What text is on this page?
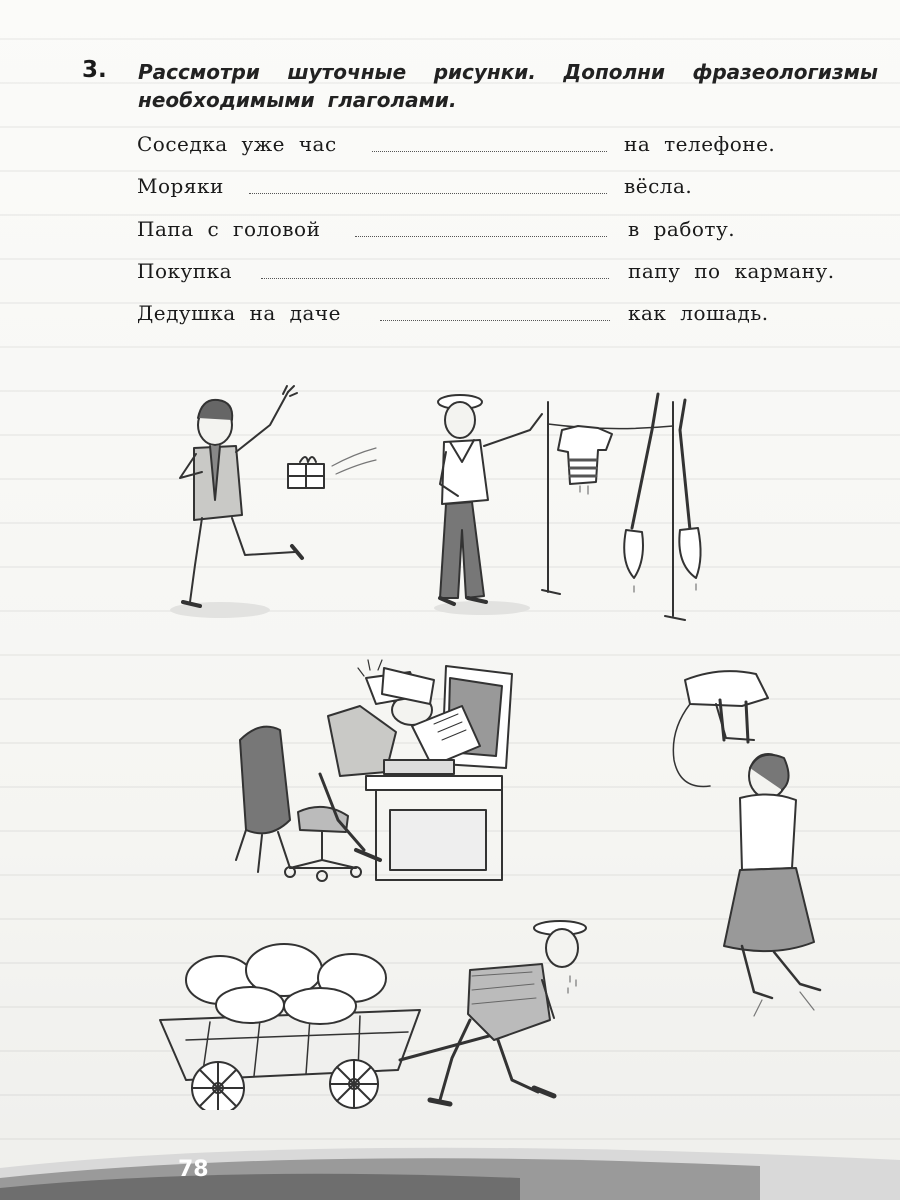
3. Рассмотри шуточные рисунки. Дополни фразеологизмы необходимыми глаголами.
Соседка уже час	на телефоне.
Моряки	вёсла.
Папа с головой	в работу.
Покупка	папу по карману.
Дедушка на даче	как лошадь.
78
